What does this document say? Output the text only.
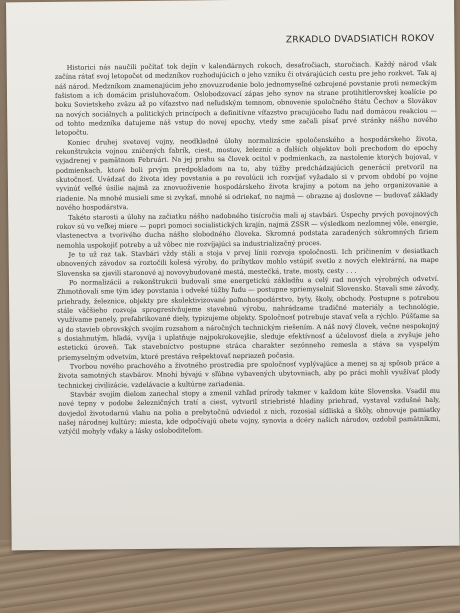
ZRKADLO DVADSIATICH ROKOV

Historici nás naučili počítať tok dejín v kalendárnych rokoch, desaťročiach, storočiach. Každý národ však začína rátať svoj letopočet od medzníkov rozhodujúcich o jeho vzniku či otvárajúcich cestu pre jeho rozkvet. Tak aj náš národ. Medzníkom znamenajúcim jeho znovuzrodenie bolo jednomyseľné ozbrojené povstanie proti nemeckým fašistom a ich domácim prisluhovačom. Oslobodzovací zápas jeho synov na strane protihitlerovskej koalície po boku Sovietskeho zväzu až po víťazstvo nad neľudským temnom, obnovenie spoločného štátu Čechov a Slovákov na nových sociálnych a politických princípoch a definitívne víťazstvo pracujúceho ľudu nad domácou reakciou — od tohto medzníka datujeme náš vstup do novej epochy, vtedy sme začali písať prvé stránky nášho nového letopočtu.

Koniec druhej svetovej vojny, neodkladné úlohy normalizácie spoločenského a hospodárskeho života, rekonštrukcia vojnou zničených fabrík, ciest, mostov, železníc a ďalších objektov boli prechodom do epochy vyjadrenej v pamätnom Februári. Na jej prahu sa človek ocitol v podmienkach, za nastolenie ktorých bojoval, v podmienkach, ktoré boli prvým predpokladom na to, aby túžby predchádzajúcich generácií pretvoril na skutočnosť. Uvádzať do života idey povstania a po revolúcii ich rozvíjať vyžadalo si v prvom období po vojne vyvinúť veľké úsilie najmä za znovuoživenie hospodárskeho života krajiny a potom na jeho organizovanie a riadenie. Na mnohé musieli sme si zvykať, mnohé si odriekať, no najmä — obrazne aj doslovne — budovať základy nového hospodárstva.

Takéto starosti a úlohy na začiatku nášho nadobného tisícročia mali aj stavbári. Úspechy prvých povojnových rokov sú vo veľkej miere — popri pomoci socialistických krajín, najmä ZSSR — výsledkom nezlomnej vôle, energie, vlastenectva a tvorivého ducha nášho slobodného človeka. Skromná podstata zaradených súkromných firiem nemohla uspokojiť potreby a už vôbec nie rozvíjajúci sa industrializačný proces.

Je to už raz tak. Stavbári vždy stáli a stoja v prvej línii rozvoja spoločnosti. Ich pričinením v desiatkach obnovených závodov sa roztočili kolesá výroby, do príbytkov mohlo vstúpiť svetlo z nových elektrární, na mape Slovenska sa zjavili staronové aj novovybudované mestá, mestečká, trate, mosty, cesty . . .

Po normalizácii a rekonštrukcii budovali sme energetickú základňu a celý rad nových výrobných odvetví. Zhmotňovali sme tým idey povstania i odveké túžby ľudu — postupne spriemyselniť Slovensko. Stavali sme závody, priehrady, železnice, objekty pre skolektivizované poľnohospodárstvo, byty, školy, obchody. Postupne s potrebou stále väčšieho rozvoja sprogresívňujeme stavebnú výrobu, nahrádzame tradičné materiály a technológie, využívame panely, prefabrikované diely, typizujeme objekty. Spoločnosť potrebuje stavať veľa a rýchlo. Púšťame sa aj do stavieb obrovských svojím rozsahom a náročných technickým riešením. A náš nový človek, večne nespokojný s dosiahnutým, hľadá, vyvíja i uplatňuje najpokrokovejšie, sleduje efektívnosť a účelovosť diela a zvyšuje jeho estetickú úroveň. Tak stavebníctvo postupne stráca charakter sezónneho remesla a stáva sa vyspelým priemyselným odvetvím, ktoré prestáva rešpektovať nepriazeň počasia.

Tvorbou nového prachového a životného prostredia pre spoločnosť vyplývajúce a menej sa aj spôsob práce a života samotných stavbárov. Mnohí bývajú v sľúbne vybavených ubytovniach, aby po práci mohli využívať plody technickej civilizácie, vzdelávacie a kultúrne zariadenia.

Stavbár svojím dielom zanechal stopy a zmenil vzhľad prírody takmer v každom kúte Slovenska. Vsadil mu nové tepny v podobe železničných tratí a ciest, vytvoril striebristé hladiny priehrad, vystaval vzdušné haly, dovjedol životodarnú vlahu na polia a prebytočnú odviedol z nich, rozosial sídliská a škôly, obnovuje pamiatky našej národnej kultúry; miesta, kde odpočívajú obete vojny, synovia a dcéry našich národov, ozdobil pamätníkmi, vztýčil mohyly vďaky a lásky osloboditeľom.
